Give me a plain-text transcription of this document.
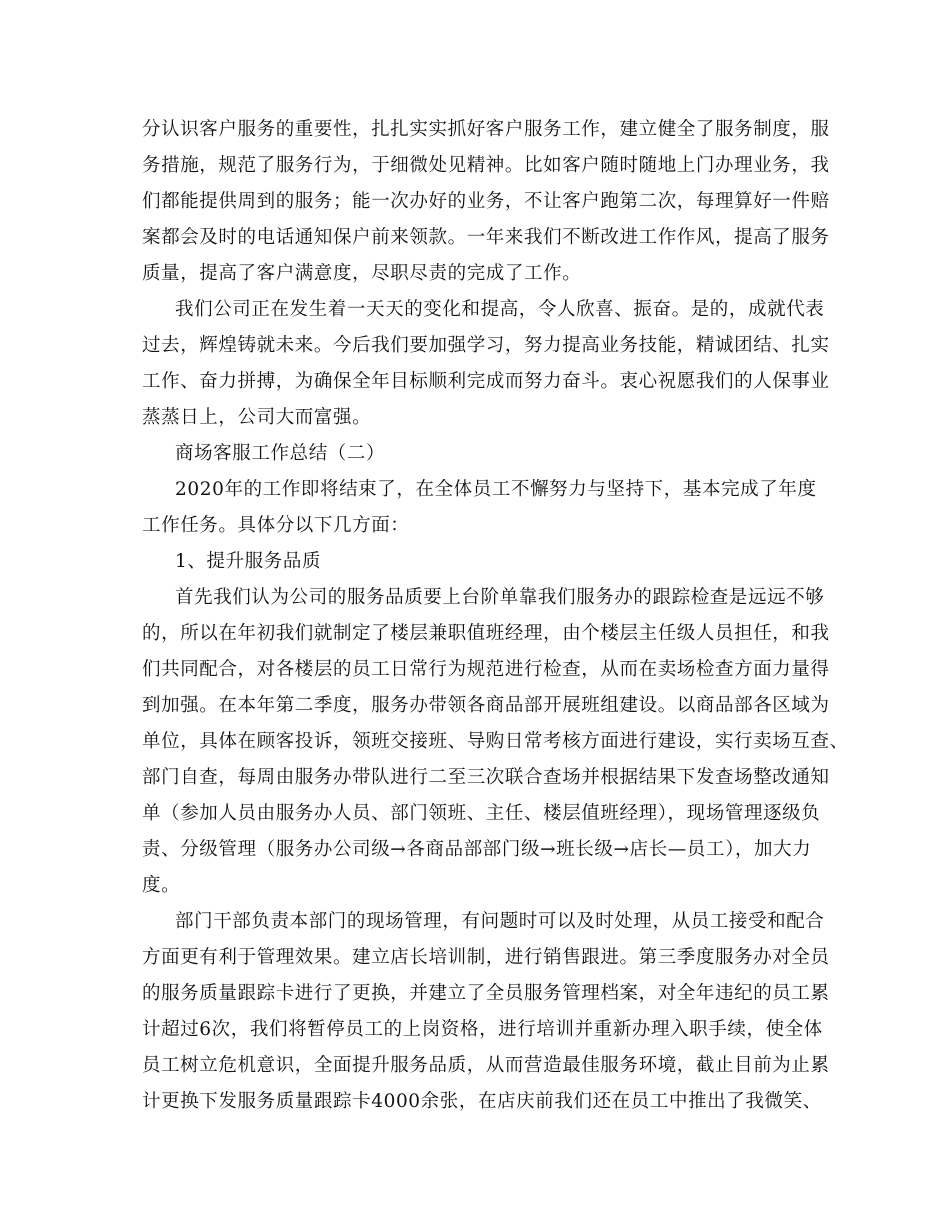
分认识客户服务的重要性，扎扎实实抓好客户服务工作，建立健全了服务制度，服
务措施，规范了服务行为，于细微处见精神。比如客户随时随地上门办理业务，我
们都能提供周到的服务；能一次办好的业务，不让客户跑第二次，每理算好一件赔
案都会及时的电话通知保户前来领款。一年来我们不断改进工作作风，提高了服务
质量，提高了客户满意度，尽职尽责的完成了工作。
我们公司正在发生着一天天的变化和提高，令人欣喜、振奋。是的，成就代表
过去，辉煌铸就未来。今后我们要加强学习，努力提高业务技能，精诚团结、扎实
工作、奋力拼搏，为确保全年目标顺利完成而努力奋斗。衷心祝愿我们的人保事业
蒸蒸日上，公司大而富强。
商场客服工作总结（二）
2020年的工作即将结束了，在全体员工不懈努力与坚持下，基本完成了年度
工作任务。具体分以下几方面：
1、提升服务品质
首先我们认为公司的服务品质要上台阶单靠我们服务办的跟踪检查是远远不够
的，所以在年初我们就制定了楼层兼职值班经理，由个楼层主任级人员担任，和我
们共同配合，对各楼层的员工日常行为规范进行检查，从而在卖场检查方面力量得
到加强。在本年第二季度，服务办带领各商品部开展班组建设。以商品部各区域为
单位，具体在顾客投诉，领班交接班、导购日常考核方面进行建设，实行卖场互查、
部门自查，每周由服务办带队进行二至三次联合查场并根据结果下发查场整改通知
单（参加人员由服务办人员、部门领班、主任、楼层值班经理），现场管理逐级负
责、分级管理（服务办公司级→各商品部部门级→班长级→店长—员工），加大力
度。
部门干部负责本部门的现场管理，有问题时可以及时处理，从员工接受和配合
方面更有利于管理效果。建立店长培训制，进行销售跟进。第三季度服务办对全员
的服务质量跟踪卡进行了更换，并建立了全员服务管理档案，对全年违纪的员工累
计超过6次，我们将暂停员工的上岗资格，进行培训并重新办理入职手续，使全体
员工树立危机意识，全面提升服务品质，从而营造最佳服务环境，截止目前为止累
计更换下发服务质量跟踪卡4000余张，在店庆前我们还在员工中推出了我微笑、
